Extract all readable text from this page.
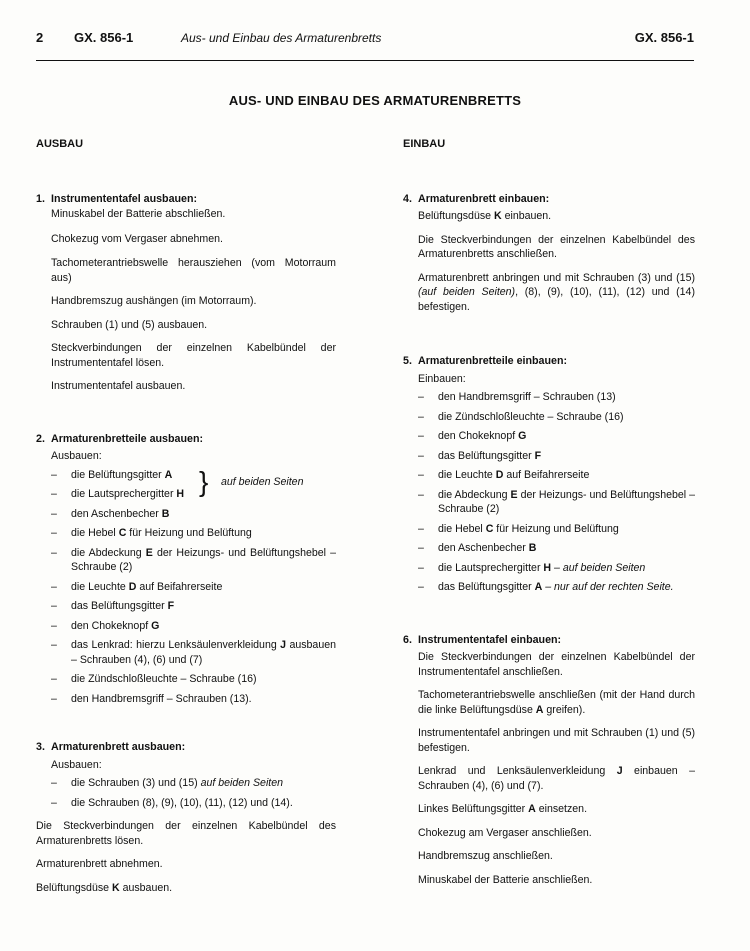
2 GX. 856-1	Aus- und Einbau des Armaturenbretts	GX. 856-1
AUS- UND EINBAU DES ARMATURENBRETTS
AUSBAU
1. Instrumententafel ausbauen:
Minuskabel der Batterie abschließen.
Chokezug vom Vergaser abnehmen.
Tachometerantriebswelle herausziehen (vom Motorraum aus)
Handbremszug aushängen (im Motorraum).
Schrauben (1) und (5) ausbauen.
Steckverbindungen der einzelnen Kabelbündel der Instrumententafel lösen.
Instrumententafel ausbauen.
2. Armaturenbretteile ausbauen:
Ausbauen:
– die Belüftungsgitter A } auf beiden Seiten
– die Lautsprechergitter H
– den Aschenbecher B
– die Hebel C für Heizung und Belüftung
– die Abdeckung E der Heizungs- und Belüftungshebel – Schraube (2)
– die Leuchte D auf Beifahrerseite
– das Belüftungsgitter F
– den Chokeknopf G
– das Lenkrad: hierzu Lenksäulenverkleidung J ausbauen – Schrauben (4), (6) und (7)
– die Zündschloßleuchte – Schraube (16)
– den Handbremsgriff – Schrauben (13).
3. Armaturenbrett ausbauen:
Ausbauen:
– die Schrauben (3) und (15) auf beiden Seiten
– die Schrauben (8), (9), (10), (11), (12) und (14).
Die Steckverbindungen der einzelnen Kabelbündel des Armaturenbretts lösen.
Armaturenbrett abnehmen.
Belüftungsdüse K ausbauen.
EINBAU
4. Armaturenbrett einbauen:
Belüftungsdüse K einbauen.
Die Steckverbindungen der einzelnen Kabelbündel des Armaturenbretts anschließen.
Armaturenbrett anbringen und mit Schrauben (3) und (15) (auf beiden Seiten), (8), (9), (10), (11), (12) und (14) befestigen.
5. Armaturenbretteile einbauen:
Einbauen:
– den Handbremsgriff – Schrauben (13)
– die Zündschloßleuchte – Schraube (16)
– den Chokeknopf G
– das Belüftungsgitter F
– die Leuchte D auf Beifahrerseite
– die Abdeckung E der Heizungs- und Belüftungshebel – Schraube (2)
– die Hebel C für Heizung und Belüftung
– den Aschenbecher B
– die Lautsprechergitter H – auf beiden Seiten
– das Belüftungsgitter A – nur auf der rechten Seite.
6. Instrumententafel einbauen:
Die Steckverbindungen der einzelnen Kabelbündel der Instrumententafel anschließen.
Tachometerantriebswelle anschließen (mit der Hand durch die linke Belüftungsdüse A greifen).
Instrumententafel anbringen und mit Schrauben (1) und (5) befestigen.
Lenkrad und Lenksäulenverkleidung J einbauen – Schrauben (4), (6) und (7).
Linkes Belüftungsgitter A einsetzen.
Chokezug am Vergaser anschließen.
Handbremszug anschließen.
Minuskabel der Batterie anschließen.
